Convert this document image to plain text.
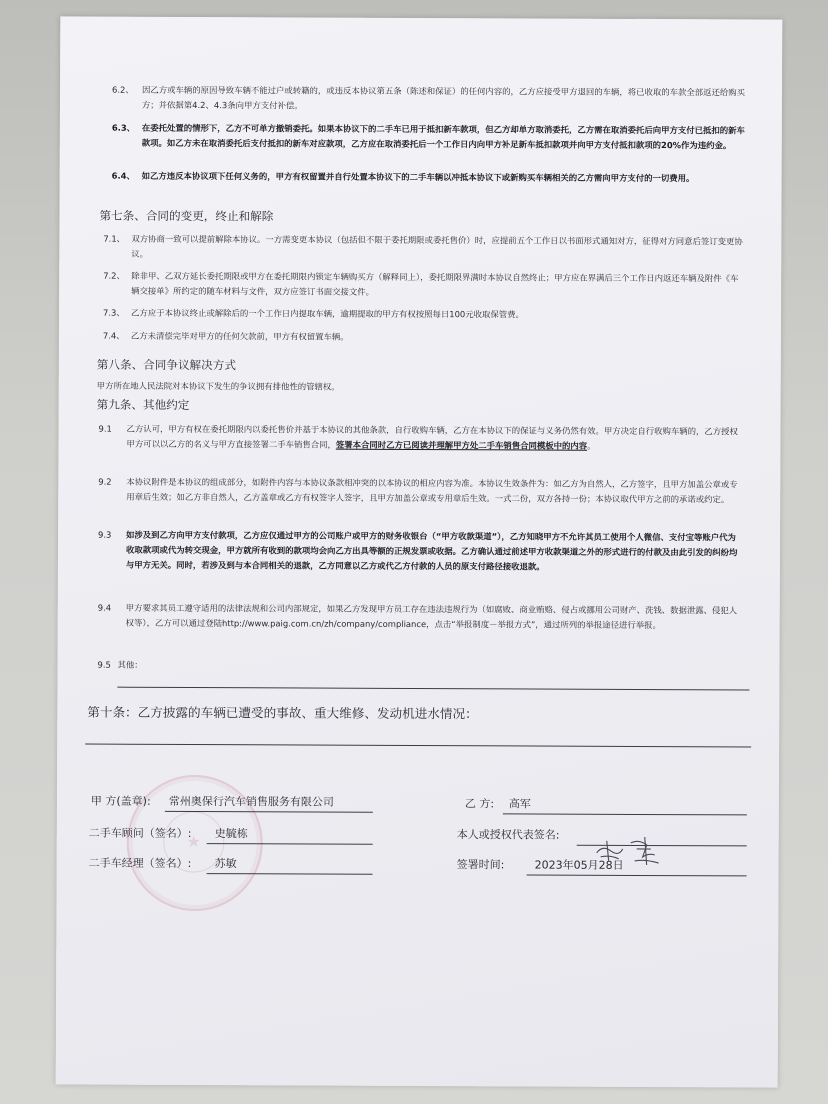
6.2、 因乙方或车辆的原因导致车辆不能过户或转籍的，或违反本协议第五条（陈述和保证）的任何内容的，乙方应接受甲方退回的车辆，将已收取的车款全部返还给购买方；并依据第4.2、4.3条向甲方支付补偿。
6.3、 在委托处置的情形下，乙方不可单方撤销委托。如果本协议下的二手车已用于抵扣新车款项，但乙方却单方取消委托，乙方需在取消委托后向甲方支付已抵扣的新车款项。如乙方未在取消委托后支付抵扣的新车对应款项，乙方应在取消委托后一个工作日内向甲方补足新车抵扣款项并向甲方支付抵扣款项的20%作为违约金。
6.4、 如乙方违反本协议项下任何义务的，甲方有权留置并自行处置本协议下的二手车辆以冲抵本协议下或新购买车辆相关的乙方需向甲方支付的一切费用。
第七条、合同的变更，终止和解除
7.1、 双方协商一致可以提前解除本协议。一方需变更本协议（包括但不限于委托期限或委托售价）时，应提前五个工作日以书面形式通知对方，征得对方同意后签订变更协议。
7.2、 除非甲、乙双方延长委托期限或甲方在委托期限内锁定车辆购买方（解释同上），委托期限界满时本协议自然终止；甲方应在界满后三个工作日内返还车辆及附件《车辆交接单》所约定的随车材料与文件，双方应签订书面交接文件。
7.3、 乙方应于本协议终止或解除后的一个工作日内提取车辆，逾期提取的甲方有权按照每日100元收取保管费。
7.4、 乙方未清偿完毕对甲方的任何欠款前，甲方有权留置车辆。
第八条、合同争议解决方式
甲方所在地人民法院对本协议下发生的争议拥有排他性的管辖权。
第九条、其他约定
9.1 乙方认可，甲方有权在委托期限内以委托售价并基于本协议的其他条款，自行收购车辆，乙方在本协议下的保证与义务仍然有效。甲方决定自行收购车辆的，乙方授权甲方可以以乙方的名义与甲方直接签署二手车销售合同，签署本合同时乙方已阅读并理解甲方处二手车销售合同模板中的内容。
9.2 本协议附件是本协议的组成部分，如附件内容与本协议条款相冲突的以本协议的相应内容为准。本协议生效条件为：如乙方为自然人，乙方签字，且甲方加盖公章或专用章后生效；如乙方非自然人，乙方盖章或乙方有权签字人签字，且甲方加盖公章或专用章后生效。一式二份，双方各持一份；本协议取代甲方之前的承诺或约定。
9.3 如涉及到乙方向甲方支付款项，乙方应仅通过甲方的公司账户或甲方的财务收银台（“甲方收款渠道”），乙方知晓甲方不允许其员工使用个人微信、支付宝等账户代为收取款项或代为转交现金，甲方就所有收到的款项均会向乙方出具等额的正规发票或收据。乙方确认通过前述甲方收款渠道之外的形式进行的付款及由此引发的纠纷均与甲方无关。同时，若涉及到与本合同相关的退款，乙方同意以乙方或代乙方付款的人员的原支付路径接收退款。
9.4 甲方要求其员工遵守适用的法律法规和公司内部规定，如果乙方发现甲方员工存在违法违规行为（如腐败、商业贿赂、侵占或挪用公司财产、洗钱、数据泄露、侵犯人权等），乙方可以通过登陆http://www.paig.com.cn/zh/company/compliance，点击“举报制度－举报方式”，通过所列的举报途径进行举报。
9.5 其他：
第十条：乙方披露的车辆已遭受的事故、重大维修、发动机进水情况：
★
甲 方(盖章): 常州奥保行汽车销售服务有限公司
二手车顾问（签名）: 史毓栋
二手车经理（签名）: 苏敏
乙 方: 高军
本人或授权代表签名:
签署时间:	2023年05月28日
